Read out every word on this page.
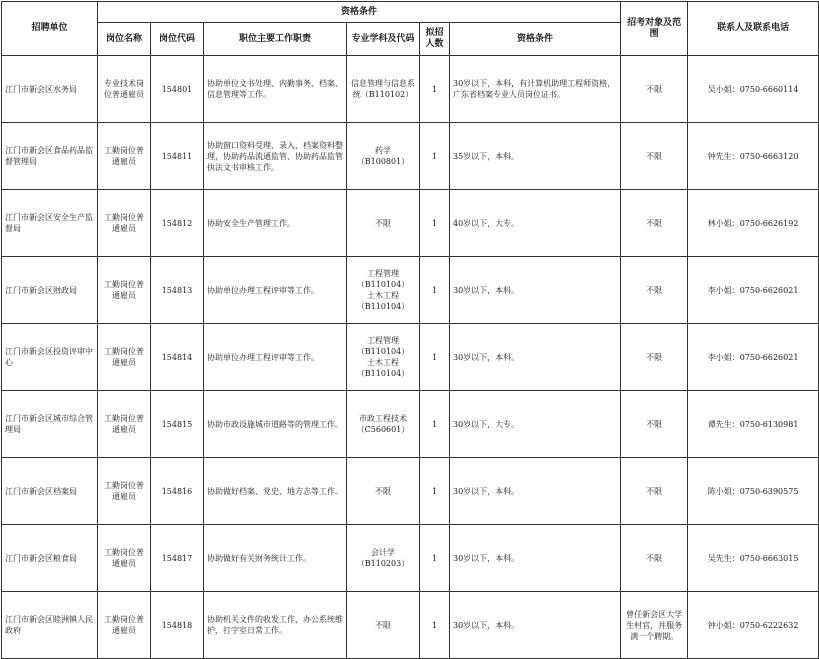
招聘单位	资格条件						招考对象及范围	联系人及联系电话
	岗位名称	岗位代码	职位主要工作职责	专业学科及代码	拟招人数	资格条件		
江门市新会区水务局	专业技术岗位普通雇员	154801	协助单位文书处理、内勤事务、档案、信息管理等工作。	信息管理与信息系统（B110102）	1	30岁以下，本科，有计算机助理工程师资格，广东省档案专业人员岗位证书。	不限	吴小姐：0750-6660114
江门市新会区食品药品监督管理局	工勤岗位普通雇员	154811	协助窗口资料受理、录入，档案资料整理，协助药品流通监管、协助药品监管执法文书审核工作。	药学
（B100801）	1	35岁以下，本科。	不限	钟先生：0750-6663120
江门市新会区安全生产监督局	工勤岗位普通雇员	154812	协助安全生产管理工作。	不限	1	40岁以下，大专。	不限	林小姐：0750-6626192
江门市新会区财政局	工勤岗位普通雇员	154813	协助单位办理工程评审等工作。	工程管理
（B110104）
土木工程
（B110104）	1	30岁以下，本科。	不限	李小姐：0750-6626021
江门市新会区投资评审中心	工勤岗位普通雇员	154814	协助单位办理工程评审等工作。	工程管理
（B110104）
土木工程
（B110104）	1	30岁以下，本科。	不限	李小姐：0750-6626021
江门市新会区城市综合管理局	工勤岗位普通雇员	154815	协助市政设施城市道路等的管理工作。	市政工程技术
（C560601）	1	30岁以下，大专。	不限	谭先生：0750-6130981
江门市新会区档案局	工勤岗位普通雇员	154816	协助做好档案、党史、地方志等工作。	不限	1	30岁以下，本科。	不限	陈小姐：0750-6390575
江门市新会区粮食局	工勤岗位普通雇员	154817	协助做好有关财务统计工作。	会计学
（B110203）	1	30岁以下，本科。	不限	吴先生：0750-6663015
江门市新会区睦洲镇人民政府	工勤岗位普通雇员	154818	协助机关文件的收发工作，办公系统维护，打字室日常工作。	不限	1	30岁以下，本科。	曾任新会区大学生村官，并服务满一个聘期。	钟小姐：0750-6222632
